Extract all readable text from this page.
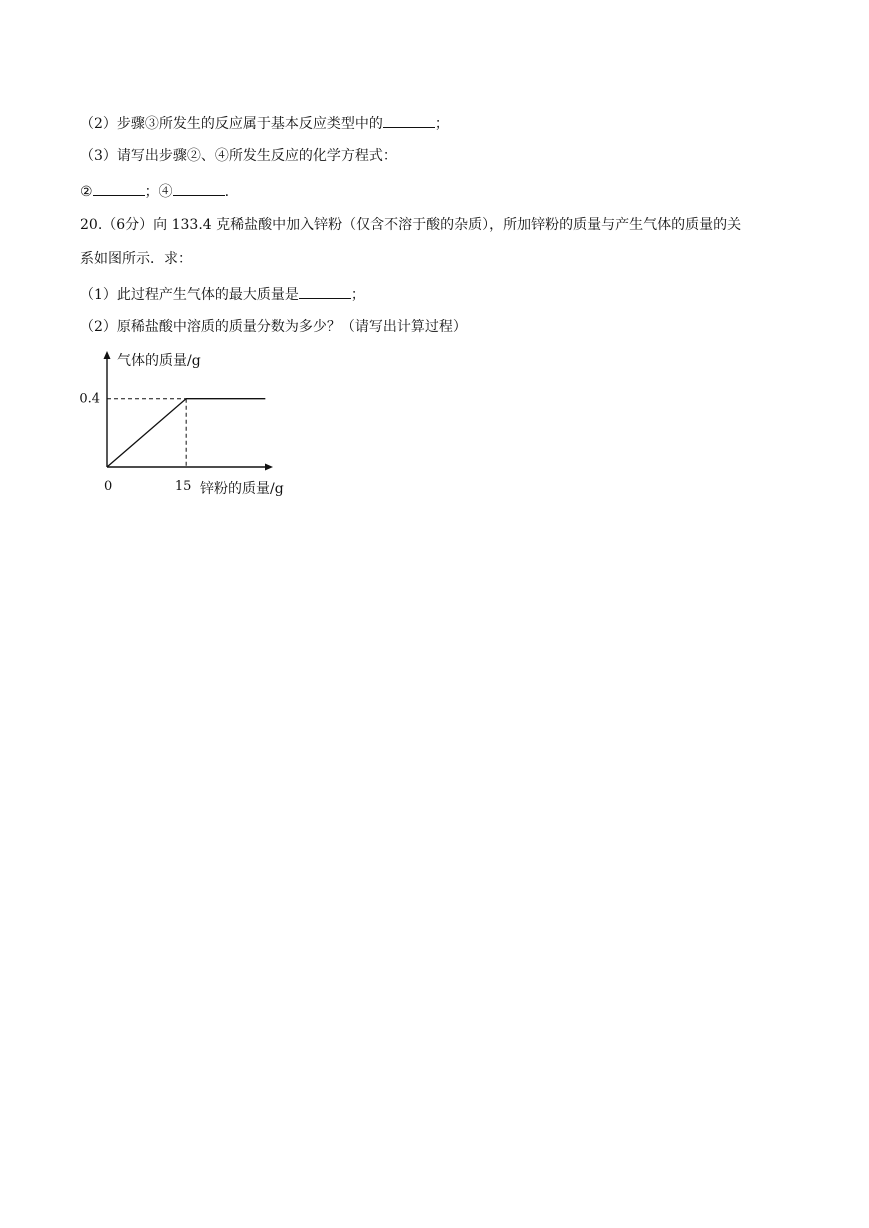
（2）步骤③所发生的反应属于基本反应类型中的	；
（3）请写出步骤②、④所发生反应的化学方程式：
②	；④	.
20.（6分）向 133.4 克稀盐酸中加入锌粉（仅含不溶于酸的杂质），所加锌粉的质量与产生气体的质量的关
系如图所示．求：
（1）此过程产生气体的最大质量是	；
（2）原稀盐酸中溶质的质量分数为多少？（请写出计算过程）
气体的质量/g
锌粉的质量/g
0
0.4
15
